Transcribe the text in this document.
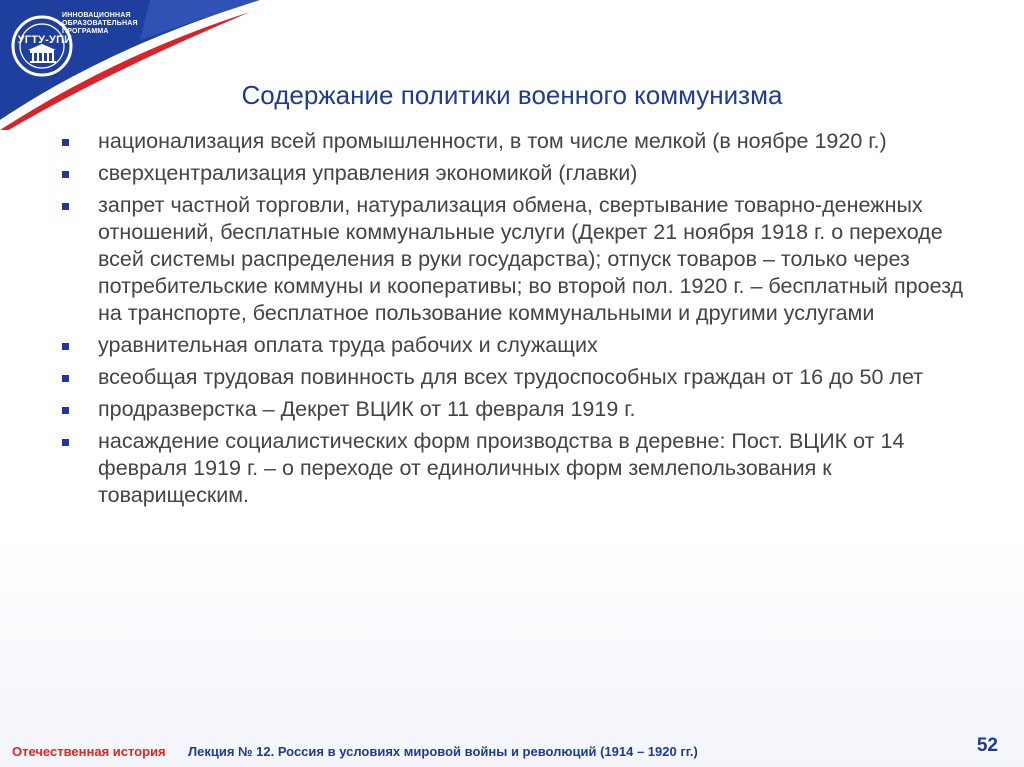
УГТУ-УПИ
ИННОВАЦИОННАЯ
ОБРАЗОВАТЕЛЬНАЯ
ПРОГРАММА
Содержание политики военного коммунизма
национализация всей промышленности, в том числе мелкой (в ноябре 1920 г.)
сверхцентрализация управления экономикой (главки)
запрет частной торговли, натурализация обмена, свертывание товарно-денежных отношений, бесплатные коммунальные услуги (Декрет 21 ноября 1918 г. о переходе всей системы распределения в руки государства); отпуск товаров – только через потребительские коммуны и кооперативы; во второй пол. 1920 г. – бесплатный проезд на транспорте, бесплатное пользование коммунальными и другими услугами
уравнительная оплата труда рабочих и служащих
всеобщая трудовая повинность для всех трудоспособных граждан от 16 до 50 лет
продразверстка – Декрет ВЦИК от 11 февраля 1919 г.
насаждение социалистических форм производства в деревне: Пост. ВЦИК от 14 февраля 1919 г. – о переходе от единоличных форм землепользования к товарищеским.
Отечественная история Лекция № 12. Россия в условиях мировой войны и революций (1914 – 1920 гг.)	52
